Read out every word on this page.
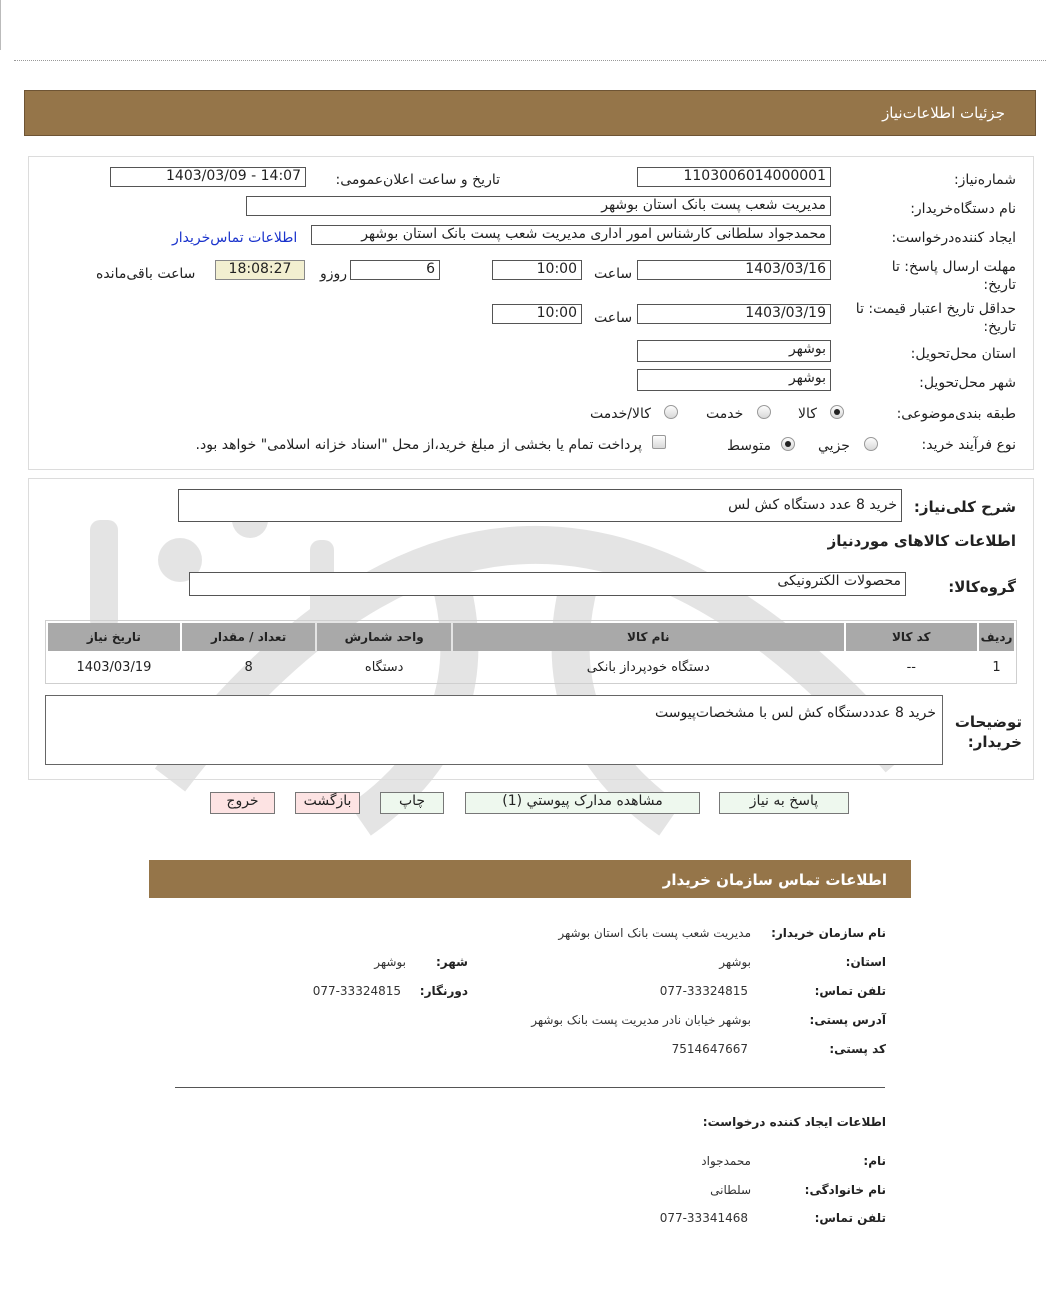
جزئیات اطلاعات‌نیاز
شماره‌نیاز:
1103006014000001
تاریخ و ساعت اعلان‌عمومی:
1403/03/09 - 14:07
نام دستگاه‌خریدار:
مدیریت شعب پست بانک استان بوشهر
ایجاد کننده‌درخواست:
محمدجواد سلطانی کارشناس امور اداری مدیریت شعب پست بانک استان بوشهر
اطلاعات تماس‌خریدار
مهلت ارسال پاسخ: تا تاریخ:
1403/03/16
ساعت
10:00
6
روزو
18:08:27
ساعت باقی‌مانده
حداقل تاریخ اعتبار قیمت: تا تاریخ:
1403/03/19
ساعت
10:00
استان محل‌تحویل:
بوشهر
شهر محل‌تحویل:
بوشهر
طبقه بندی‌موضوعی:
کالا
خدمت
کالا/خدمت
نوع فرآیند خرید:
جزیي
متوسط
پرداخت تمام یا بخشی از مبلغ خرید،از محل "اسناد خزانه اسلامی" خواهد بود.
شرح کلی‌نیاز:
خرید 8 عدد دستگاه کش لس
اطلاعات کالاهای موردنیاز
گروه‌کالا:
محصولات الکترونیکی
ردیف	کد کالا	نام کالا	واحد شمارش	تعداد / مقدار	تاریخ نیاز
1	--	دستگاه خودپرداز بانکی	دستگاه	8	1403/03/19
توضیحات خریدار:
خرید 8 عدددستگاه کش لس با مشخصات‌پیوست
پاسخ به نیاز
مشاهده مدارک پیوستي (1)
چاپ
بازگشت
خروج
اطلاعات تماس سازمان خریدار
نام سازمان خریدار:
مدیریت شعب پست بانک استان بوشهر
استان:
بوشهر
شهر:
بوشهر
تلفن تماس:
077-33324815
دورنگار:
077-33324815
آدرس پستی:
بوشهر خیابان نادر مدیریت پست بانک بوشهر
کد پستی:
7514647667
اطلاعات ایجاد کننده درخواست:
نام:
محمدجواد
نام خانوادگی:
سلطانی
تلفن تماس:
077-33341468
